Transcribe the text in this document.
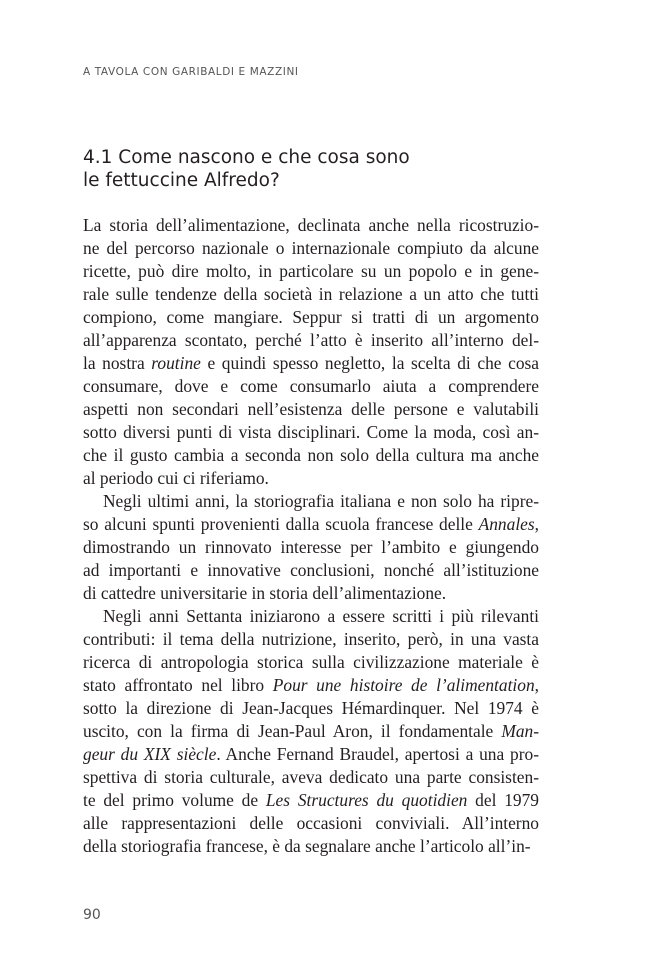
A TAVOLA CON GARIBALDI E MAZZINI
4.1 Come nascono e che cosa sono
le fettuccine Alfredo?
La storia dell’alimentazione, declinata anche nella ricostruzio-
ne del percorso nazionale o internazionale compiuto da alcune
ricette, può dire molto, in particolare su un popolo e in gene-
rale sulle tendenze della società in relazione a un atto che tutti
compiono, come mangiare. Seppur si tratti di un argomento
all’apparenza scontato, perché l’atto è inserito all’interno del-
la nostra routine e quindi spesso negletto, la scelta di che cosa
consumare, dove e come consumarlo aiuta a comprendere
aspetti non secondari nell’esistenza delle persone e valutabili
sotto diversi punti di vista disciplinari. Come la moda, così an-
che il gusto cambia a seconda non solo della cultura ma anche
al periodo cui ci riferiamo.
Negli ultimi anni, la storiografia italiana e non solo ha ripre-
so alcuni spunti provenienti dalla scuola francese delle Annales,
dimostrando un rinnovato interesse per l’ambito e giungendo
ad importanti e innovative conclusioni, nonché all’istituzione
di cattedre universitarie in storia dell’alimentazione.
Negli anni Settanta iniziarono a essere scritti i più rilevanti
contributi: il tema della nutrizione, inserito, però, in una vasta
ricerca di antropologia storica sulla civilizzazione materiale è
stato affrontato nel libro Pour une histoire de l’alimentation,
sotto la direzione di Jean-Jacques Hémardinquer. Nel 1974 è
uscito, con la firma di Jean-Paul Aron, il fondamentale Man-
geur du XIX siècle. Anche Fernand Braudel, apertosi a una pro-
spettiva di storia culturale, aveva dedicato una parte consisten-
te del primo volume de Les Structures du quotidien del 1979
alle rappresentazioni delle occasioni conviviali. All’interno
della storiografia francese, è da segnalare anche l’articolo all’in-
90
